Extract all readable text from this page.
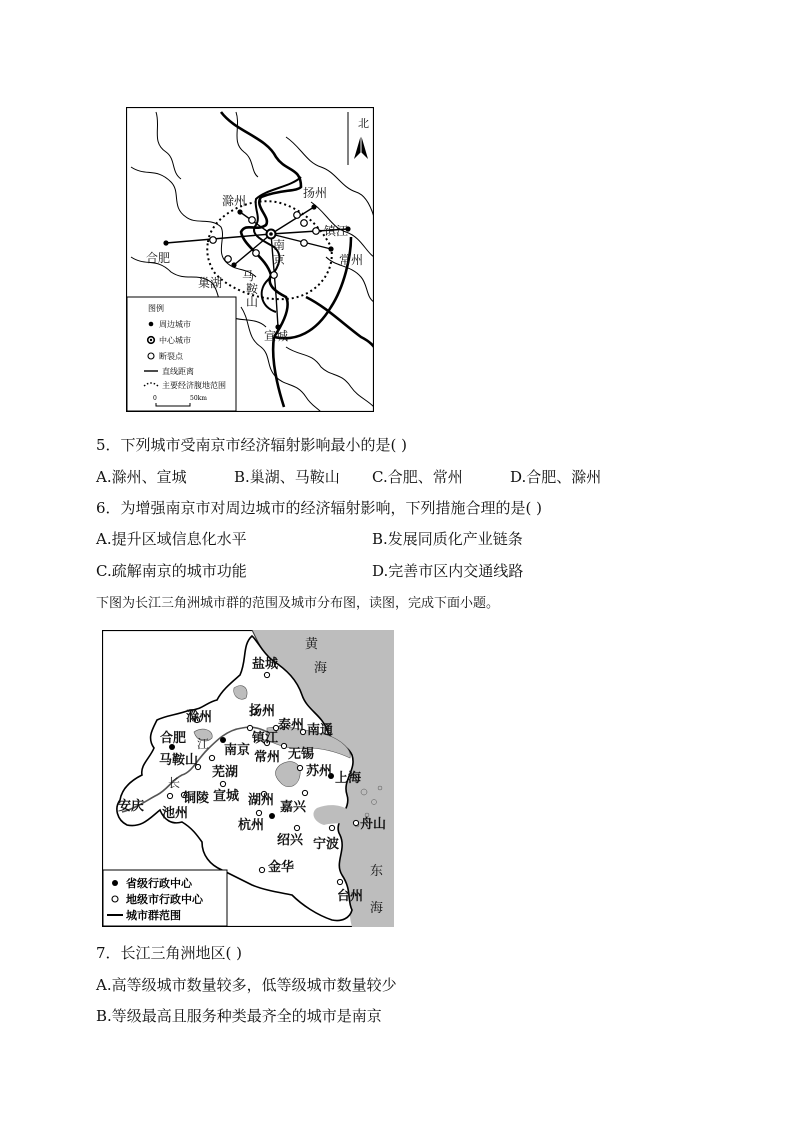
滁州
扬州
镇江
合肥
南
京	常州
巢湖 马
鞍
山
宣城
北
图例
周边城市
中心城市
断裂点
直线距离
主要经济腹地范围
0	50km
5．下列城市受南京市经济辐射影响最小的是( )
A.滁州、宣城	B.巢湖、马鞍山 C.合肥、常州	D.合肥、滁州
6．为增强南京市对周边城市的经济辐射影响，下列措施合理的是( )
A.提升区域信息化水平	B.发展同质化产业链条
C.疏解南京的城市功能	D.完善市区内交通线路
下图为长江三角洲城市群的范围及城市分布图，读图，完成下面小题。
黄
海
东
海
江
长
盐城
滁州	扬州
泰州 南通
合肥
南京
镇江
常州 无锡
马鞍山
芜湖	苏州 上海
安庆
铜陵 宣城 湖州
池州	嘉兴
杭州	舟山
绍兴 宁波
金华
台州
省级行政中心
地级市行政中心
城市群范围
7．长江三角洲地区( )
A.高等级城市数量较多，低等级城市数量较少
B.等级最高且服务种类最齐全的城市是南京
